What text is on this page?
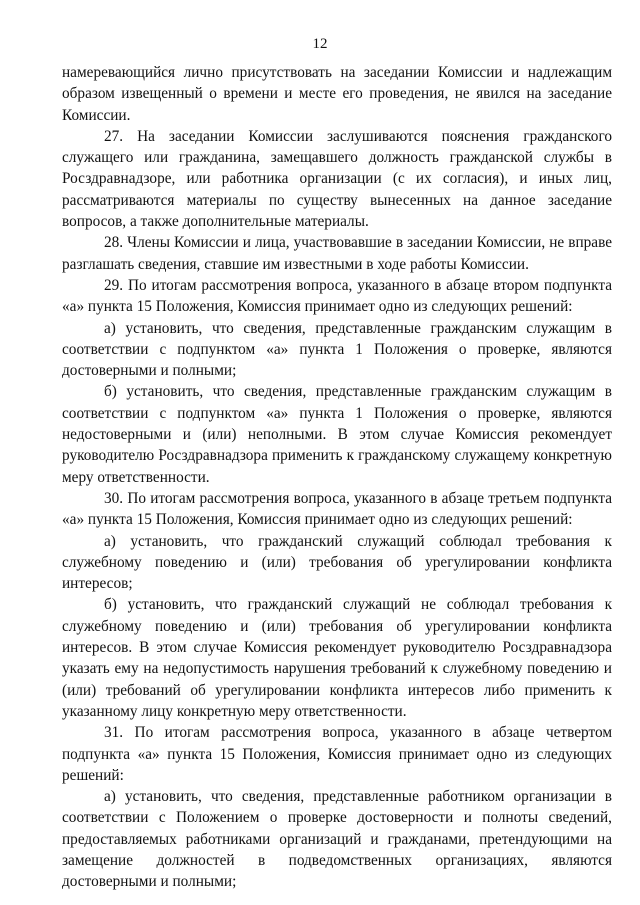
12

намеревающийся лично присутствовать на заседании Комиссии и надлежащим образом извещенный о времени и месте его проведения, не явился на заседание Комиссии.

27. На заседании Комиссии заслушиваются пояснения гражданского служащего или гражданина, замещавшего должность гражданской службы в Росздравнадзоре, или работника организации (с их согласия), и иных лиц, рассматриваются материалы по существу вынесенных на данное заседание вопросов, а также дополнительные материалы.

28. Члены Комиссии и лица, участвовавшие в заседании Комиссии, не вправе разглашать сведения, ставшие им известными в ходе работы Комиссии.

29. По итогам рассмотрения вопроса, указанного в абзаце втором подпункта «а» пункта 15 Положения, Комиссия принимает одно из следующих решений:

а) установить, что сведения, представленные гражданским служащим в соответствии с подпунктом «а» пункта 1 Положения о проверке, являются достоверными и полными;

б) установить, что сведения, представленные гражданским служащим в соответствии с подпунктом «а» пункта 1 Положения о проверке, являются недостоверными и (или) неполными. В этом случае Комиссия рекомендует руководителю Росздравнадзора применить к гражданскому служащему конкретную меру ответственности.

30. По итогам рассмотрения вопроса, указанного в абзаце третьем подпункта «а» пункта 15 Положения, Комиссия принимает одно из следующих решений:

а) установить, что гражданский служащий соблюдал требования к служебному поведению и (или) требования об урегулировании конфликта интересов;

б) установить, что гражданский служащий не соблюдал требования к служебному поведению и (или) требования об урегулировании конфликта интересов. В этом случае Комиссия рекомендует руководителю Росздравнадзора указать ему на недопустимость нарушения требований к служебному поведению и (или) требований об урегулировании конфликта интересов либо применить к указанному лицу конкретную меру ответственности.

31. По итогам рассмотрения вопроса, указанного в абзаце четвертом подпункта «а» пункта 15 Положения, Комиссия принимает одно из следующих решений:

а) установить, что сведения, представленные работником организации в соответствии с Положением о проверке достоверности и полноты сведений, предоставляемых работниками организаций и гражданами, претендующими на замещение должностей в подведомственных организациях, являются достоверными и полными;
